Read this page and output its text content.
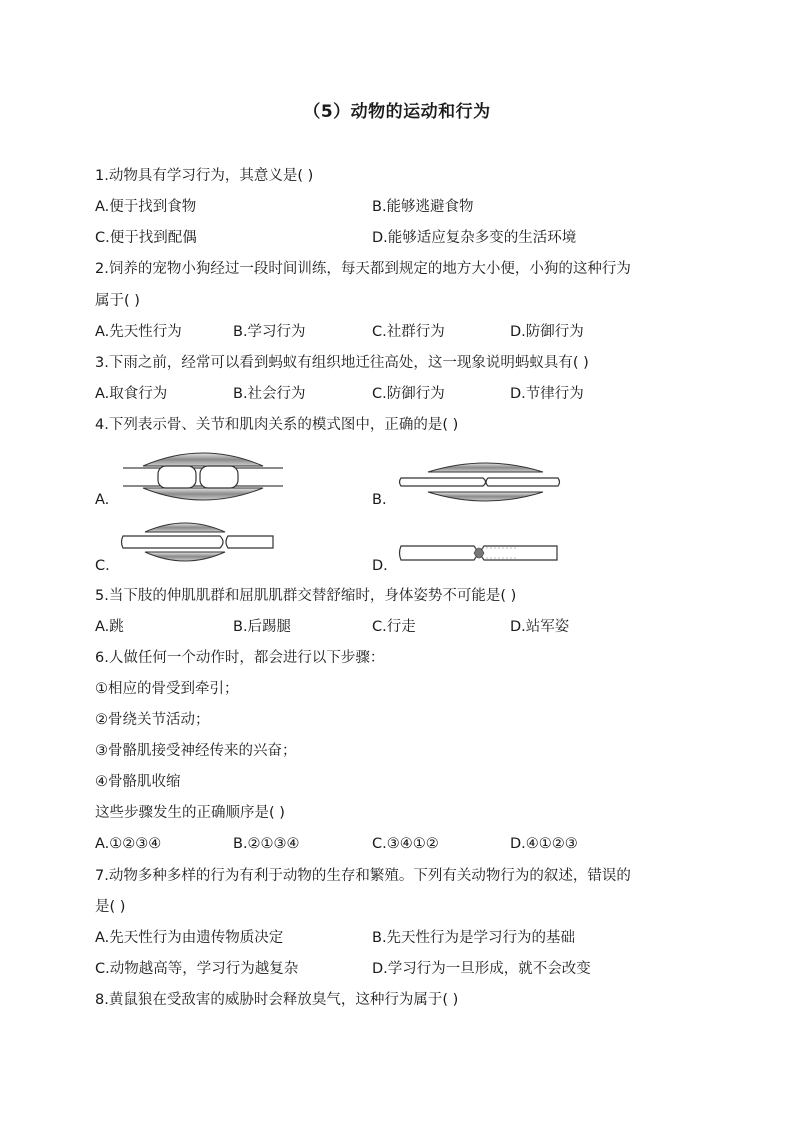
（5）动物的运动和行为
1.动物具有学习行为，其意义是( )
A.便于找到食物	B.能够逃避食物
C.便于找到配偶	D.能够适应复杂多变的生活环境
2.饲养的宠物小狗经过一段时间训练，每天都到规定的地方大小便，小狗的这种行为
属于( )
A.先天性行为	B.学习行为	C.社群行为	D.防御行为
3.下雨之前，经常可以看到蚂蚁有组织地迁往高处，这一现象说明蚂蚁具有( )
A.取食行为	B.社会行为	C.防御行为	D.节律行为
4.下列表示骨、关节和肌肉关系的模式图中，正确的是( )
A.	B.
C.	D.
5.当下肢的伸肌肌群和屈肌肌群交替舒缩时，身体姿势不可能是( )
A.跳	B.后踢腿	C.行走	D.站军姿
6.人做任何一个动作时，都会进行以下步骤：
①相应的骨受到牵引；
②骨绕关节活动；
③骨骼肌接受神经传来的兴奋；
④骨骼肌收缩
这些步骤发生的正确顺序是( )
A.①②③④	B.②①③④	C.③④①②	D.④①②③
7.动物多种多样的行为有利于动物的生存和繁殖。下列有关动物行为的叙述，错误的
是( )
A.先天性行为由遗传物质决定	B.先天性行为是学习行为的基础
C.动物越高等，学习行为越复杂	D.学习行为一旦形成，就不会改变
8.黄鼠狼在受敌害的威胁时会释放臭气，这种行为属于( )
